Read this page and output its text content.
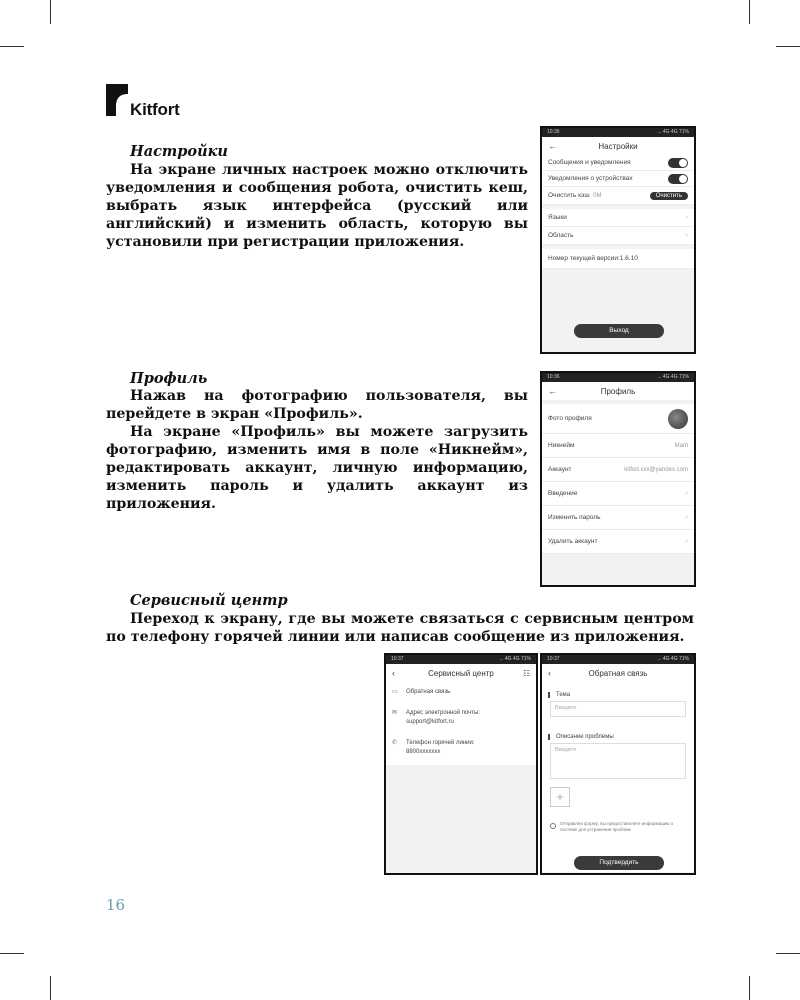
Kitfort
Настройки
На экране личных настроек можно отключить уведомления и сообщения робота, очистить кеш, выбрать язык интерфейса (русский или английский) и изменить область, которую вы установили при регистрации приложения.
10:36	... 4G 4G 71%
←	Настройки
Сообщения и уведомления
Уведомления о устройствах
Очистить кэш 0M	Очистить
Языки	›
Область	›
Номер текущей версии:1.6.10
Выход
Профиль
Нажав на фотографию пользователя, вы перейдете в экран «Профиль».
На экране «Профиль» вы можете загрузить фотографию, изменить имя в поле «Никнейм», редактировать аккаунт, личную информацию, изменить пароль и удалить аккаунт из приложения.
10:36	... 4G 4G 71%
←	Профиль
Фото профиля
Никнейм	Mam
Аккаунт	kitfort.xxx@yandex.com
Введение	›
Изменить пароль	›
Удалить аккаунт	›
Сервисный центр
Переход к экрану, где вы можете связаться с сервисным центром по телефону горячей линии или написав сообщение из приложения.
10:37	... 4G 4G 71%
‹	Сервисный центр	☷
▭	Обратная связь
✉	Адрес электронной почты: support@kitfort.ru
✆	Телефон горячей линии: 8800xxxxxxx
10:37	... 4G 4G 71%
‹	Обратная связь
Тема
Введите
Описание проблемы
Введите
+
Отправляя форму, вы предоставляете информацию о системе для устранения проблем
Подтвердить
16
